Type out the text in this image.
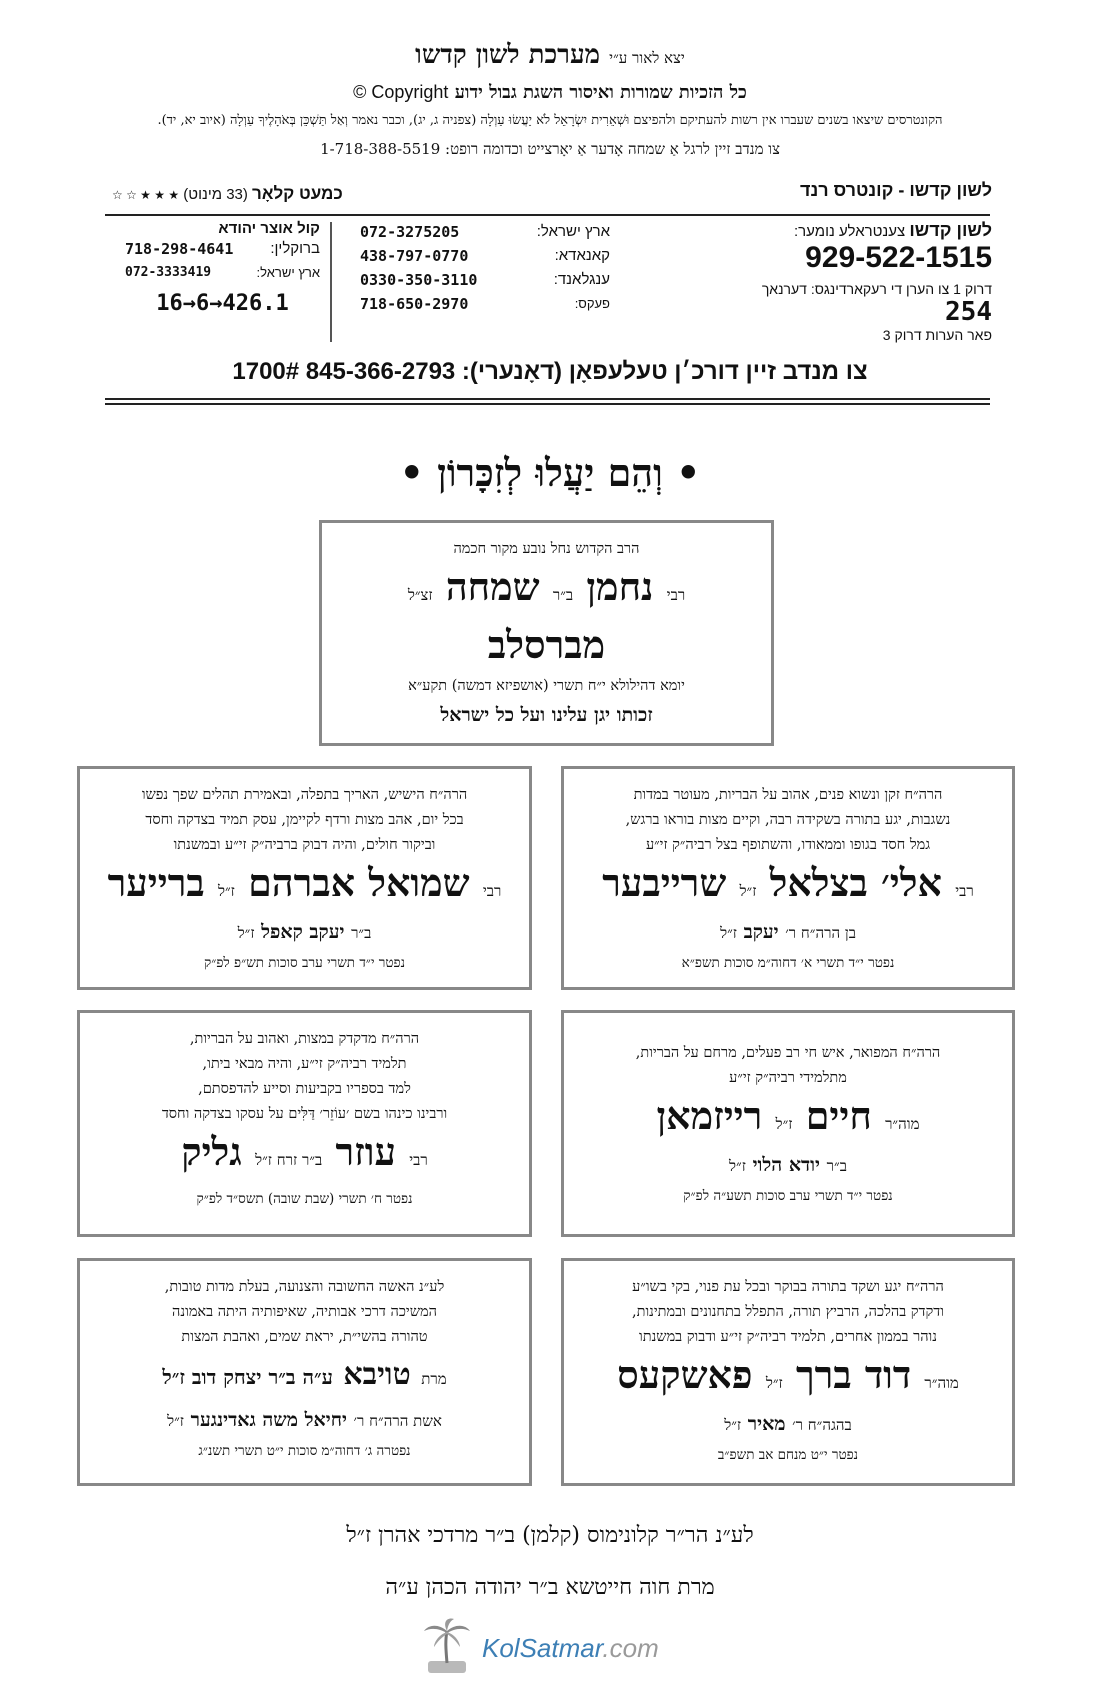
יצא לאור ע״י מערכת לשון קדשו
כל הזכיות שמורות ואיסור השגת גבול ידוע Copyright ©
הקונטרסים שיצאו בשנים שעברו אין רשות להעתיקם ולהפיצם וּשְׁאֵרִית יִשְׂרָאֵל לֹא יַעֲשׂוּ עַוְלָה (צפניה ג, יג), וכבר נאמר וְאַל תַּשְׁכֵּן בְּאֹהָלֶיךָ עַוְלָה (איוב יא, יד).
צו מנדב זיין לרגל אַ שמחה אָדער אַ יאָרצייט וכדומה רופט: 1-718-388-5519
לשון קדשו - קונטרס רנד
כמעט קלאָר (33 מינוט) ★ ★ ★ ☆ ☆
לשון קדשו צענטראלע נומער:
929-522-1515
דרוק 1 צו הערן די רעקארדינגס: דערנאך 254
פאר הערות דרוק 3
ארץ ישראל:
072-3275205
קאנאדא:
438-797-0770
ענגלאנד:
0330-350-3110
פעקס:
718-650-2970
קול אוצר יהודא
ברוקלין:
718-298-4641
ארץ ישראל:
072-3333419
16→6→426.1
צו מנדב זיין דורכ׳ן טעלעפאָן (דאָנערי): 845-366-2793 1700#
• וְהֵם יַעֲלוּ לְזִכָּרוֹן •

הרב הקדוש נחל נובע מקור חכמה

רבי נחמן ב״ר שמחה זצ״ל

מברסלב

יומא דהילולא י״ח תשרי (אושפיזא דמשה) תקע״א

זכותו יגן עלינו ועל כל ישראל

הרה״ח זקן ונשוא פנים, אהוב על הבריות, מעוטר במדות

נשגבות, יגע בתורה בשקידה רבה, וקיים מצות בוראו ברגש,

גמל חסד בגופו וממאודו, והשתופף בצל רביה״ק זי״ע

רבי אלי׳ בצלאל ז״ל שרייבער

בן הרה״ח ר׳ יעקב ז״ל

נפטר י״ד תשרי א׳ דחוה״מ סוכות תשפ״א

הרה״ח הישיש, האריך בתפלה, ובאמירת תהלים שפך נפשו

בכל יום, אהב מצות ורדף לקיימן, עסק תמיד בצדקה וחסד

וביקור חולים, והיה דבוק ברביה״ק זי״ע ובמשנתו

רבי שמואל אברהם ז״ל ברייער

ב״ר יעקב קאפל ז״ל

נפטר י״ד תשרי ערב סוכות תש״פ לפ״ק

הרה״ח המפואר, איש חי רב פעלים, מרחם על הבריות,

מתלמידי רביה״ק זי״ע

מוה״ר חיים ז״ל רייזמאן

ב״ר יודא הלוי ז״ל

נפטר י״ד תשרי ערב סוכות תשע״ה לפ״ק

הרה״ח מדקדק במצות, ואהוב על הבריות,

תלמיד רביה״ק זי״ע, והיה מבאי ביתו,

למד בספריו בקביעות וסייע להדפסתם,

ורבינו כינהו בשם ׳עוֹזֵר׳ דַּלִּים על עסקו בצדקה וחסד

רבי עוזר ב״ר זרח ז״ל גליק

נפטר ח׳ תשרי (שבת שובה) תשס״ד לפ״ק

הרה״ח יגע ושקד בתורה בבוקר ובכל עת פנוי, בקי בשו״ע

ודקדק בהלכה, הרביץ תורה, התפלל בתחנונים ובמתינות,

נוהר בממון אחרים, תלמיד רביה״ק זי״ע ודבוק במשנתו

מוה״ר דוד ברך ז״ל פאשקעס

בהגה״ח ר׳ מאיר ז״ל

נפטר י״ט מנחם אב תשפ״ב

לע״נ האשה החשובה והצנועה, בעלת מדות טובות,

המשיכה דרכי אבותיה, שאיפותיה היתה באמונה

טהורה בהשי״ת, יראת שמים, ואהבת המצות

מרת טויבא ע״ה ב״ר יצחק דוב ז״ל

אשת הרה״ח ר׳ יחיאל משה גאדינגער ז״ל

נפטרה ג׳ דחוה״מ סוכות י״ט תשרי תשנ״ג

לע״נ הר״ר קלונימוס (קלמן) ב״ר מרדכי אהרן ז״ל
מרת חוה חייטשא ב״ר יהודה הכהן ע״ה
KolSatmar.com
